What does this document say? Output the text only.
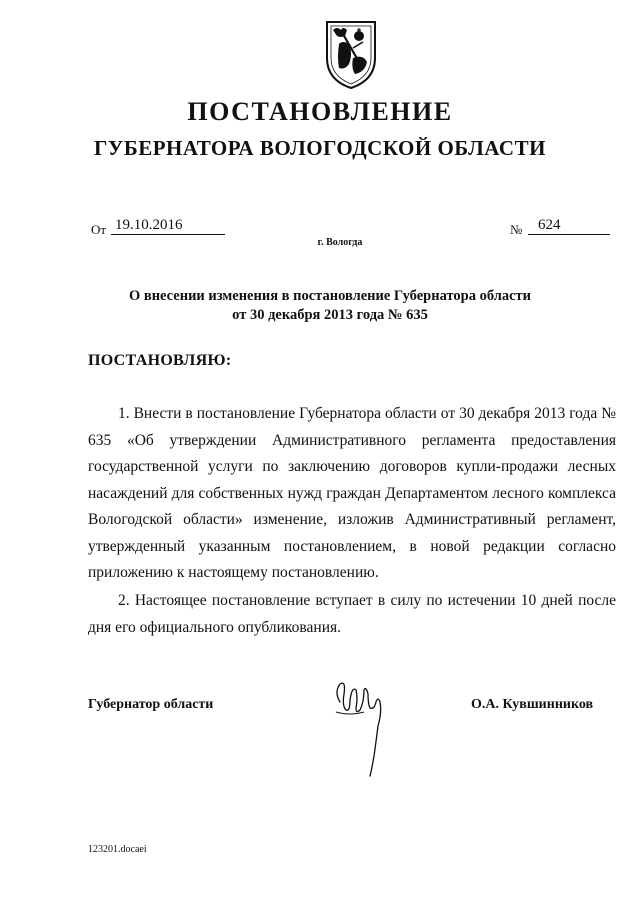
ПОСТАНОВЛЕНИЕ
ГУБЕРНАТОРА ВОЛОГОДСКОЙ ОБЛАСТИ
От 19.10.2016	№	624
г. Вологда
О внесении изменения в постановление Губернатора области
от 30 декабря 2013 года № 635
ПОСТАНОВЛЯЮ:
1. Внести в постановление Губернатора области от 30 декабря 2013 года № 635 «Об утверждении Административного регламента предоставления государственной услуги по заключению договоров купли-продажи лесных насаждений для собственных нужд граждан Департаментом лесного комплекса Вологодской области» изменение, изложив Административный регламент, утвержденный указанным постановлением, в новой редакции согласно приложению к настоящему постановлению.
2. Настоящее постановление вступает в силу по истечении 10 дней после дня его официального опубликования.
Губернатор области	О.А. Кувшинников
123201.docaei
